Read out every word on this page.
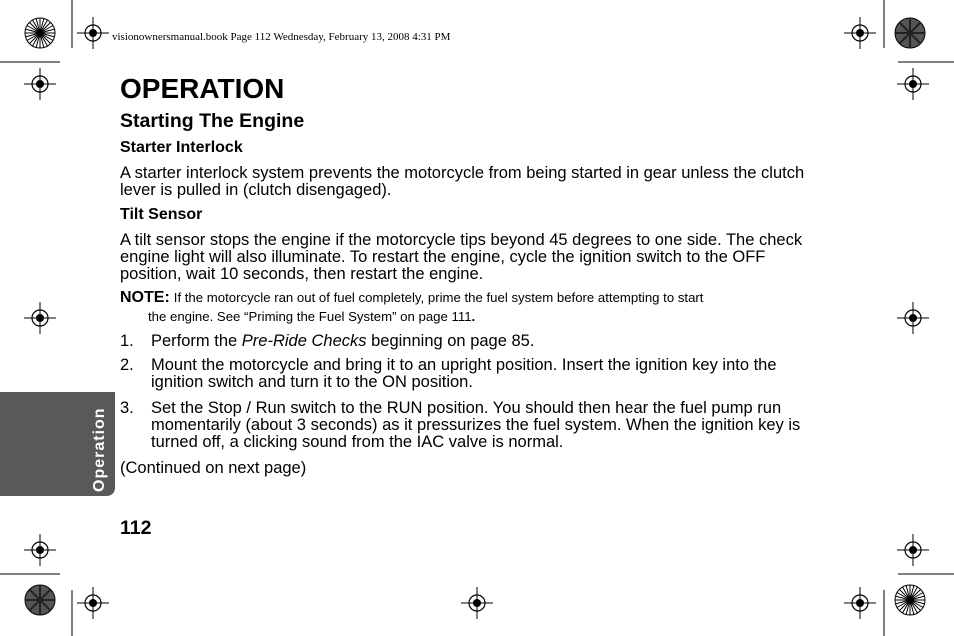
visionownersmanual.book Page 112 Wednesday, February 13, 2008 4:31 PM
OPERATION
Starting The Engine
Starter Interlock
A starter interlock system prevents the motorcycle from being started in gear unless the clutch lever is pulled in (clutch disengaged).
Tilt Sensor
A tilt sensor stops the engine if the motorcycle tips beyond 45 degrees to one side. The check engine light will also illuminate. To restart the engine, cycle the ignition switch to the OFF position, wait 10 seconds, then restart the engine.
NOTE: If the motorcycle ran out of fuel completely, prime the fuel system before attempting to start
the engine. See “Priming the Fuel System” on page 111.
1. Perform the Pre-Ride Checks beginning on page 85.
2. Mount the motorcycle and bring it to an upright position. Insert the ignition key into the ignition switch and turn it to the ON position.
3. Set the Stop / Run switch to the RUN position. You should then hear the fuel pump run momentarily (about 3 seconds) as it pressurizes the fuel system. When the ignition key is turned off, a clicking sound from the IAC valve is normal.
(Continued on next page)
112
Operation
